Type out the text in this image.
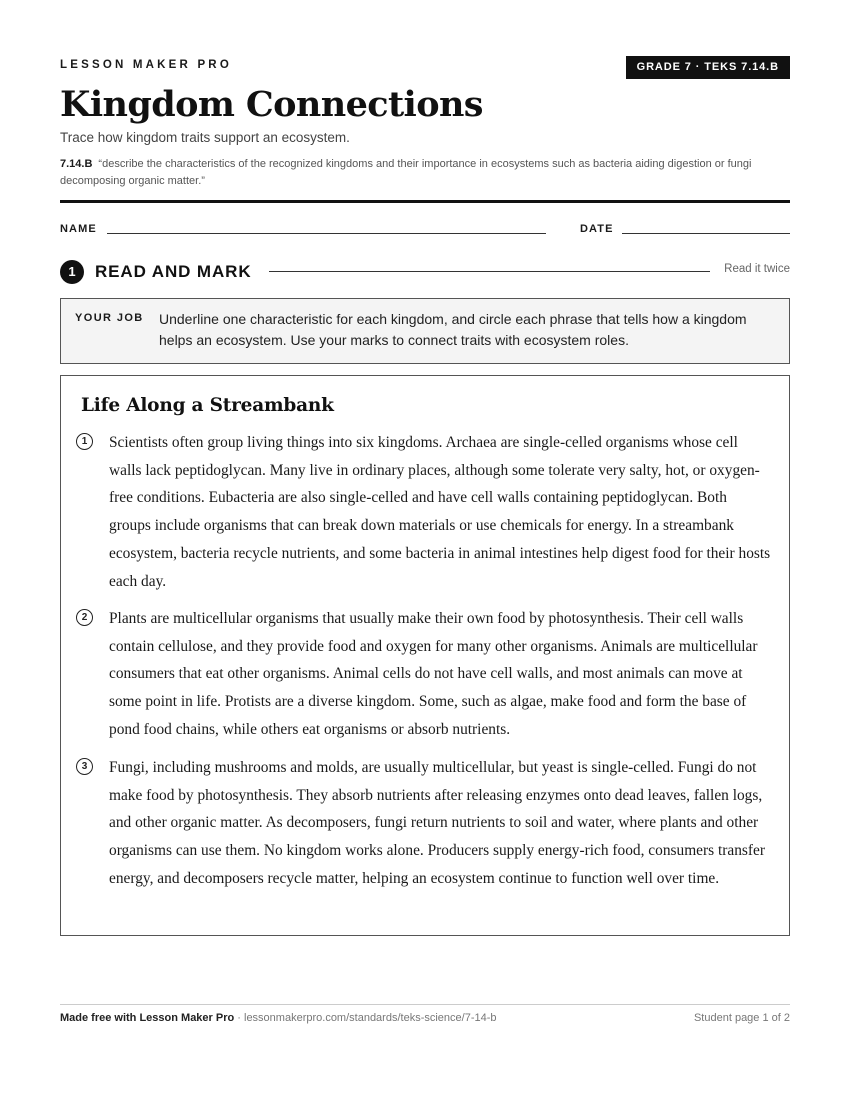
LESSON MAKER PRO	GRADE 7 · TEKS 7.14.B
Kingdom Connections
Trace how kingdom traits support an ecosystem.
7.14.B “describe the characteristics of the recognized kingdoms and their importance in ecosystems such as bacteria aiding digestion or fungi decomposing organic matter.”
NAME	DATE
1	READ AND MARK	Read it twice
YOUR JOB Underline one characteristic for each kingdom, and circle each phrase that tells how a kingdom helps an ecosystem. Use your marks to connect traits with ecosystem roles.
Life Along a Streambank
1	Scientists often group living things into six kingdoms. Archaea are single-celled organisms whose cell walls lack peptidoglycan. Many live in ordinary places, although some tolerate very salty, hot, or oxygen-free conditions. Eubacteria are also single-celled and have cell walls containing peptidoglycan. Both groups include organisms that can break down materials or use chemicals for energy. In a streambank ecosystem, bacteria recycle nutrients, and some bacteria in animal intestines help digest food for their hosts each day.

2	Plants are multicellular organisms that usually make their own food by photosynthesis. Their cell walls contain cellulose, and they provide food and oxygen for many other organisms. Animals are multicellular consumers that eat other organisms. Animal cells do not have cell walls, and most animals can move at some point in life. Protists are a diverse kingdom. Some, such as algae, make food and form the base of pond food chains, while others eat organisms or absorb nutrients.

3	Fungi, including mushrooms and molds, are usually multicellular, but yeast is single-celled. Fungi do not make food by photosynthesis. They absorb nutrients after releasing enzymes onto dead leaves, fallen logs, and other organic matter. As decomposers, fungi return nutrients to soil and water, where plants and other organisms can use them. No kingdom works alone. Producers supply energy-rich food, consumers transfer energy, and decomposers recycle matter, helping an ecosystem continue to function well over time.

Made free with Lesson Maker Pro · lessonmakerpro.com/standards/teks-science/7-14-b	Student page 1 of 2
